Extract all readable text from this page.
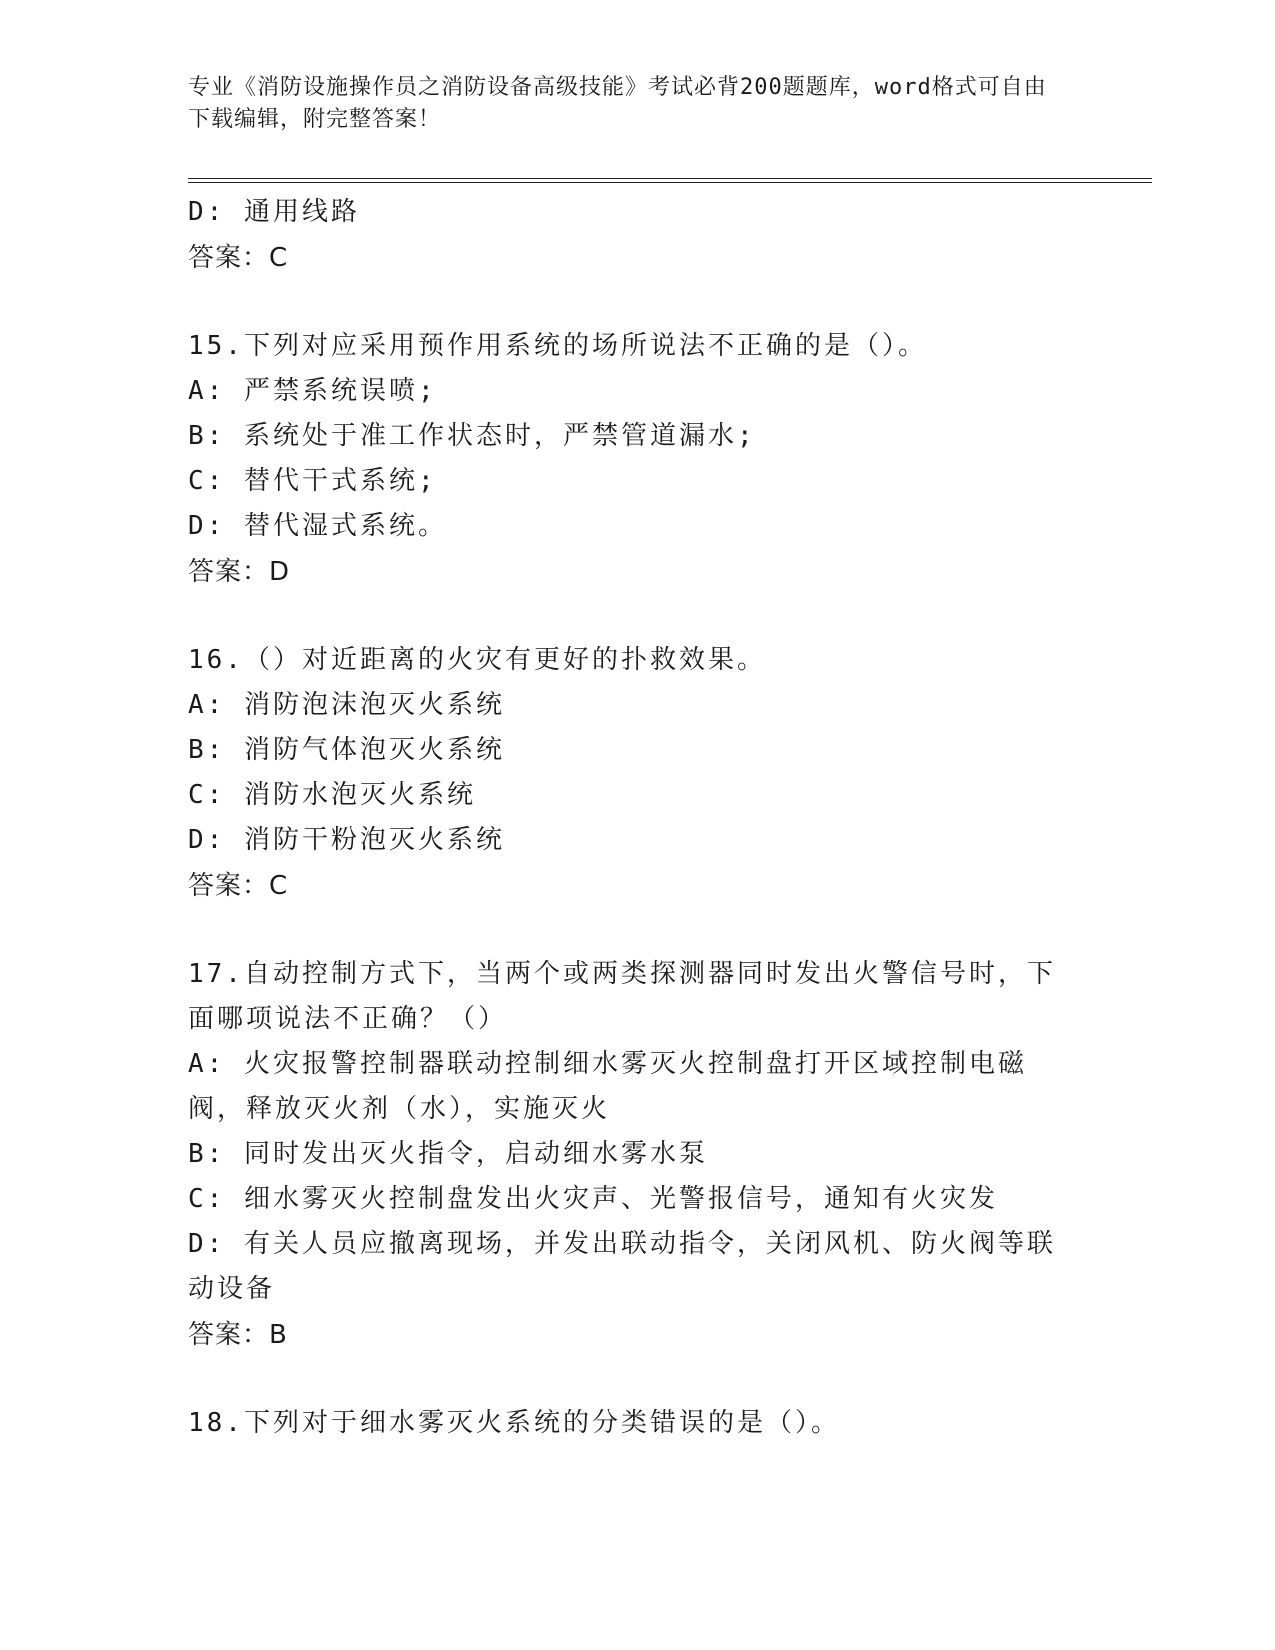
专业《消防设施操作员之消防设备高级技能》考试必背200题题库，word格式可自由下载编辑，附完整答案！
D: 通用线路
答案：C
15.下列对应采用预作用系统的场所说法不正确的是（）。
A: 严禁系统误喷;
B: 系统处于准工作状态时，严禁管道漏水;
C: 替代干式系统;
D: 替代湿式系统。
答案：D
16.（）对近距离的火灾有更好的扑救效果。
A: 消防泡沫泡灭火系统
B: 消防气体泡灭火系统
C: 消防水泡灭火系统
D: 消防干粉泡灭火系统
答案：C
17.自动控制方式下，当两个或两类探测器同时发出火警信号时，下面哪项说法不正确？（）
A: 火灾报警控制器联动控制细水雾灭火控制盘打开区域控制电磁阀，释放灭火剂（水），实施灭火
B: 同时发出灭火指令，启动细水雾水泵
C: 细水雾灭火控制盘发出火灾声、光警报信号，通知有火灾发
D: 有关人员应撤离现场，并发出联动指令，关闭风机、防火阀等联动设备
答案：B
18.下列对于细水雾灭火系统的分类错误的是（）。
